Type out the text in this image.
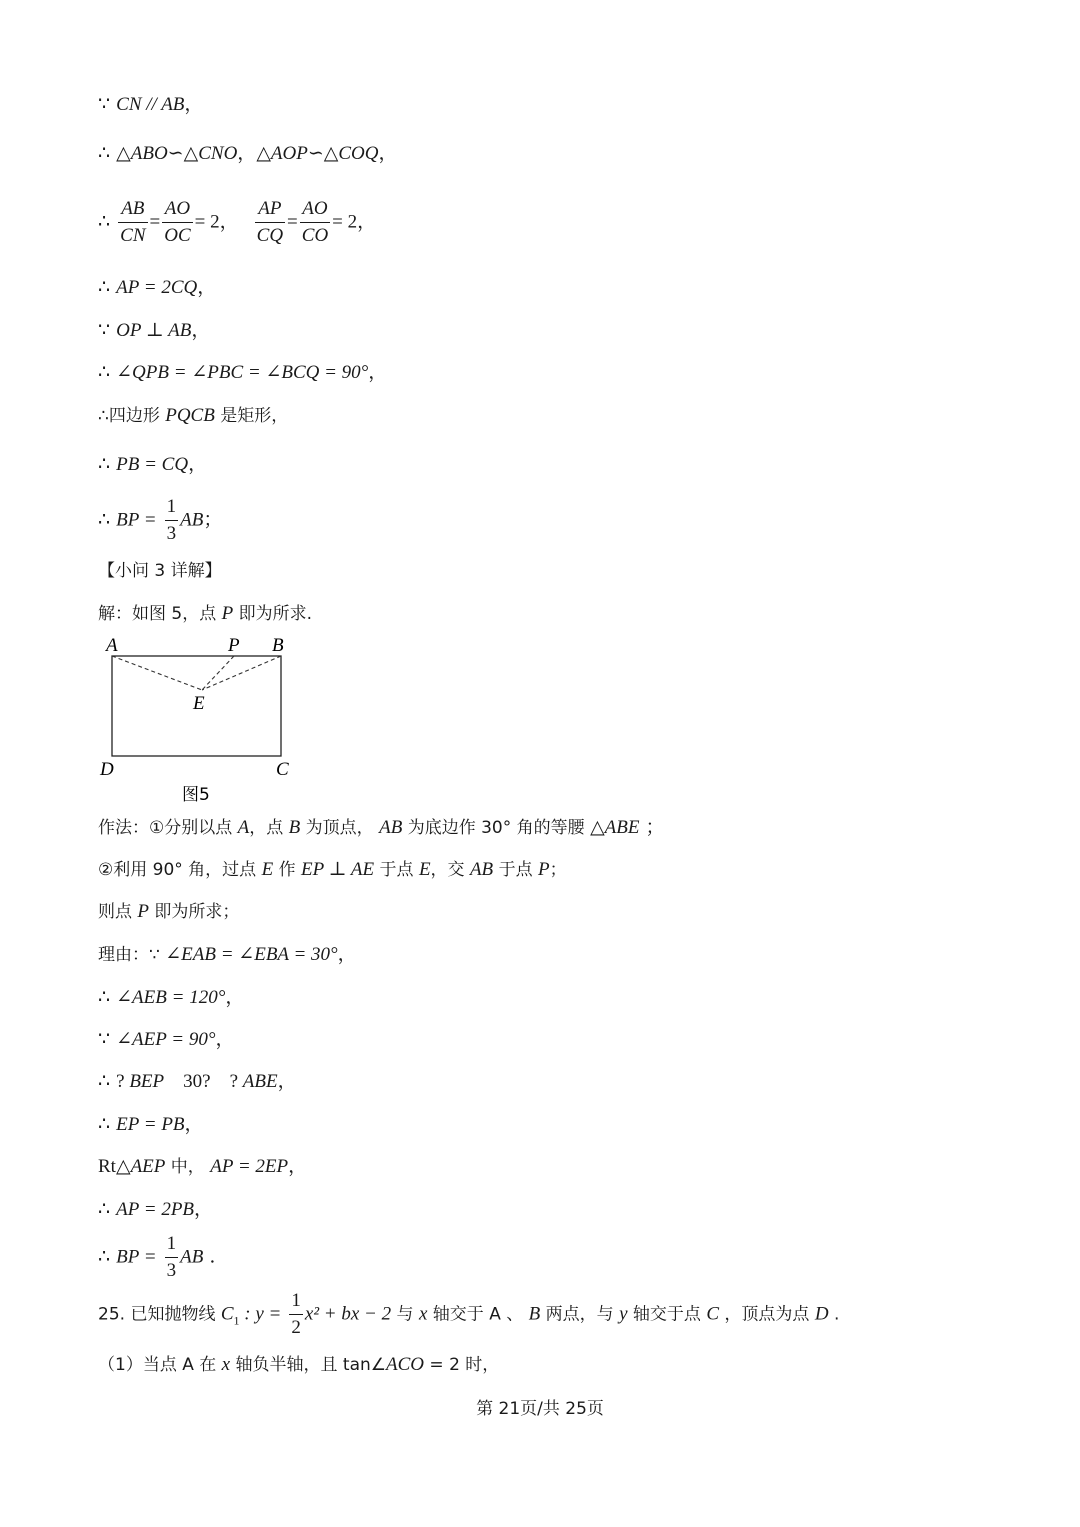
∵ CN // AB，
∴ △ABO∽△CNO，△AOP∽△COQ，
∴ $\frac{AB}{CN} = \frac{AO}{OC} = 2$， $\frac{AP}{CQ} = \frac{AO}{CO} = 2$，
∴ AP = 2CQ，
∵ OP ⊥ AB，
∴ ∠QPB = ∠PBC = ∠BCQ = 90°，
∴四边形 PQCB 是矩形，
∴ PB = CQ，
∴ BP = $\frac{1}{3}$ AB；
【小问 3 详解】
解：如图 5，点 P 即为所求.
A	P B
E
D	C
图5
作法：①分别以点 A，点 B 为顶点， AB 为底边作 30° 角的等腰 △ABE ；
②利用 90° 角，过点 E 作 EP ⊥ AE 于点 E，交 AB 于点 P；
则点 P 即为所求；
理由：∵ ∠EAB = ∠EBA = 30°，
∴ ∠AEB = 120°，
∵ ∠AEP = 90°，
∴ ? BEP    30?    ? ABE，
∴ EP = PB，
Rt△AEP 中， AP = 2EP，
∴ AP = 2PB，
∴ BP = $\frac{1}{3}$ AB .
25. 已知抛物线 $C_1$ : $y = \frac{1}{2} x^2$ + bx − 2 与 x 轴交于 A 、 B 两点，与 y 轴交于点 C ，顶点为点 D .
（1）当点 A 在 x 轴负半轴，且 tan∠ACO = 2 时，
第 21页/共 25页
